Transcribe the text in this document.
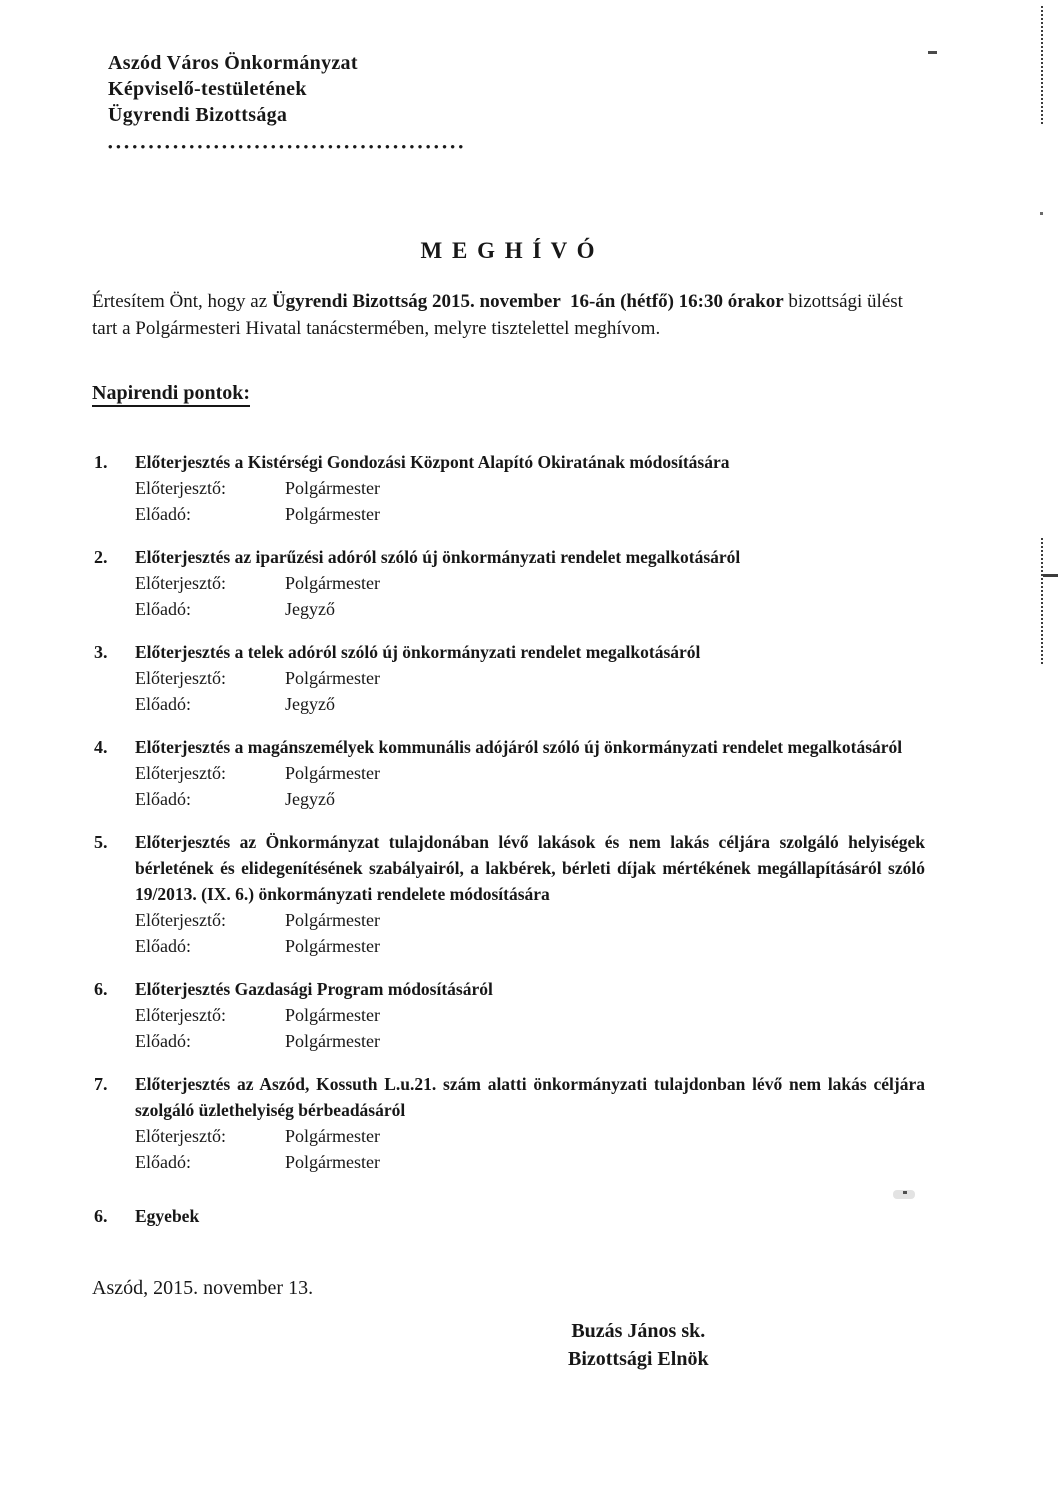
Aszód Város Önkormányzat
Képviselő-testületének
Ügyrendi Bizottsága
••••••••••••••••••••••••••••••••••••••••••••
M E G H Í V Ó

Értesítem Önt, hogy az Ügyrendi Bizottság 2015. november  16-án (hétfő) 16:30 órakor bizottsági ülést tart a Polgármesteri Hivatal tanácstermében, melyre tisztelettel meghívom.

Napirendi pontok:
1.	Előterjesztés a Kistérségi Gondozási Központ Alapító Okiratának módosítására
Előterjesztő:	Polgármester
Előadó:	Polgármester
2.	Előterjesztés az iparűzési adóról szóló új önkormányzati rendelet megalkotásáról
Előterjesztő:	Polgármester
Előadó:	Jegyző
3.	Előterjesztés a telek adóról szóló új önkormányzati rendelet megalkotásáról
Előterjesztő:	Polgármester
Előadó:	Jegyző
4.	Előterjesztés a magánszemélyek kommunális adójáról szóló új önkormányzati rendelet megalkotásáról
Előterjesztő:	Polgármester
Előadó:	Jegyző
5.	Előterjesztés az Önkormányzat tulajdonában lévő lakások és nem lakás céljára szolgáló helyiségek bérletének és elidegenítésének szabályairól, a lakbérek, bérleti díjak mértékének megállapításáról szóló 19/2013. (IX. 6.) önkormányzati rendelete módosítására
Előterjesztő:	Polgármester
Előadó:	Polgármester
6.	Előterjesztés Gazdasági Program módosításáról
Előterjesztő:	Polgármester
Előadó:	Polgármester
7.	Előterjesztés az Aszód, Kossuth L.u.21. szám alatti önkormányzati tulajdonban lévő nem lakás céljára szolgáló üzlethelyiség bérbeadásáról
Előterjesztő:	Polgármester
Előadó:	Polgármester
6.	Egyebek
Aszód, 2015. november 13.
Buzás János sk.
Bizottsági Elnök
